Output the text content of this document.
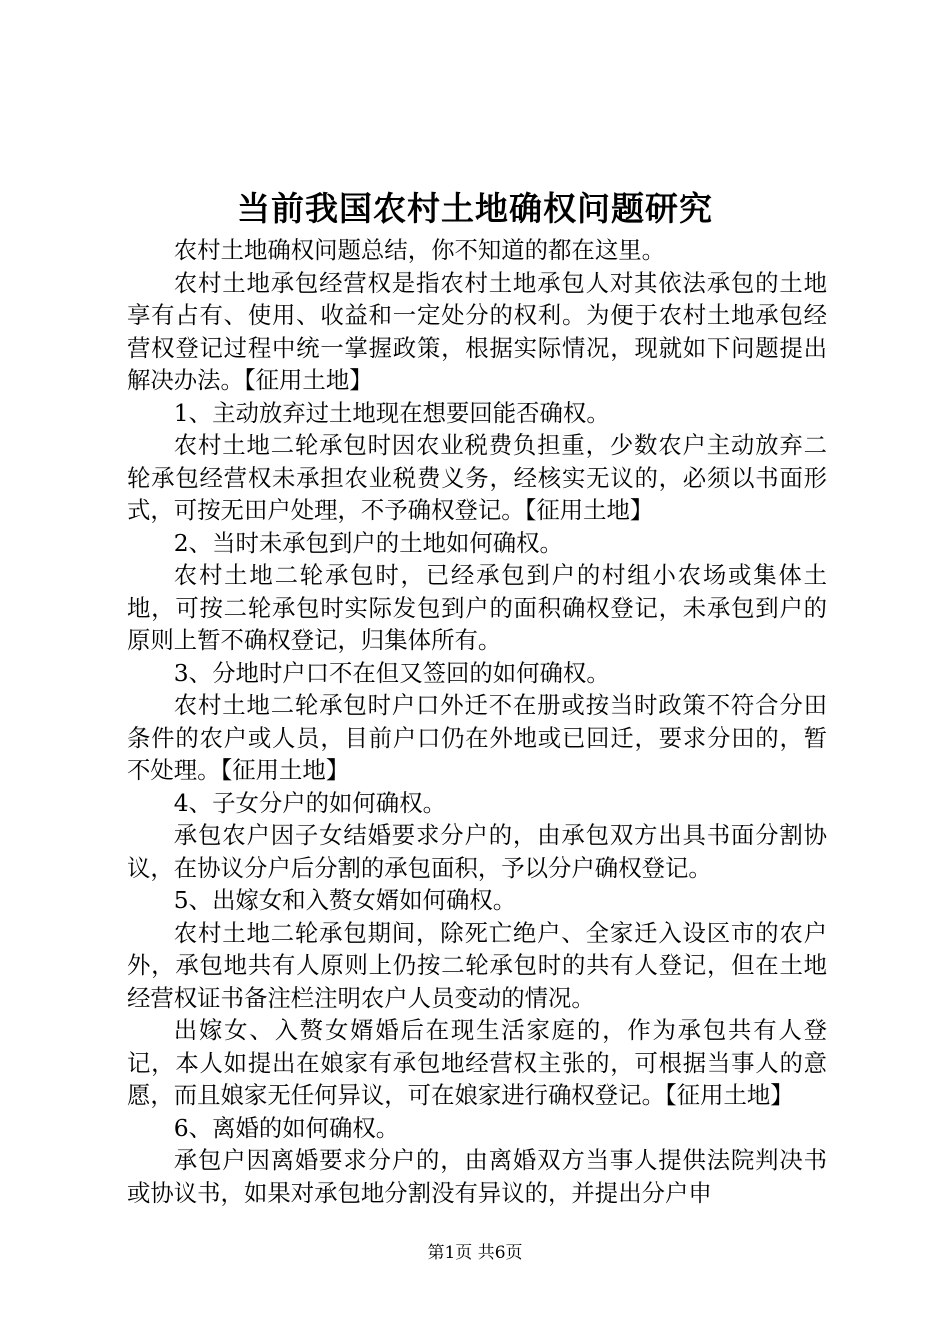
当前我国农村土地确权问题研究

农村土地确权问题总结，你不知道的都在这里。

农村土地承包经营权是指农村土地承包人对其依法承包的土地享有占有、使用、收益和一定处分的权利。为便于农村土地承包经营权登记过程中统一掌握政策，根据实际情况，现就如下问题提出解决办法。【征用土地】

1、主动放弃过土地现在想要回能否确权。

农村土地二轮承包时因农业税费负担重，少数农户主动放弃二轮承包经营权未承担农业税费义务，经核实无议的，必须以书面形式，可按无田户处理，不予确权登记。【征用土地】

2、当时未承包到户的土地如何确权。

农村土地二轮承包时，已经承包到户的村组小农场或集体土地，可按二轮承包时实际发包到户的面积确权登记，未承包到户的原则上暂不确权登记，归集体所有。

3、分地时户口不在但又签回的如何确权。

农村土地二轮承包时户口外迁不在册或按当时政策不符合分田条件的农户或人员，目前户口仍在外地或已回迁，要求分田的，暂不处理。【征用土地】

4、子女分户的如何确权。

承包农户因子女结婚要求分户的，由承包双方出具书面分割协议，在协议分户后分割的承包面积，予以分户确权登记。

5、出嫁女和入赘女婿如何确权。

农村土地二轮承包期间，除死亡绝户、全家迁入设区市的农户外，承包地共有人原则上仍按二轮承包时的共有人登记，但在土地经营权证书备注栏注明农户人员变动的情况。

出嫁女、入赘女婿婚后在现生活家庭的，作为承包共有人登记，本人如提出在娘家有承包地经营权主张的，可根据当事人的意愿，而且娘家无任何异议，可在娘家进行确权登记。【征用土地】

6、离婚的如何确权。

承包户因离婚要求分户的，由离婚双方当事人提供法院判决书或协议书，如果对承包地分割没有异议的，并提出分户申

第1页 共6页
